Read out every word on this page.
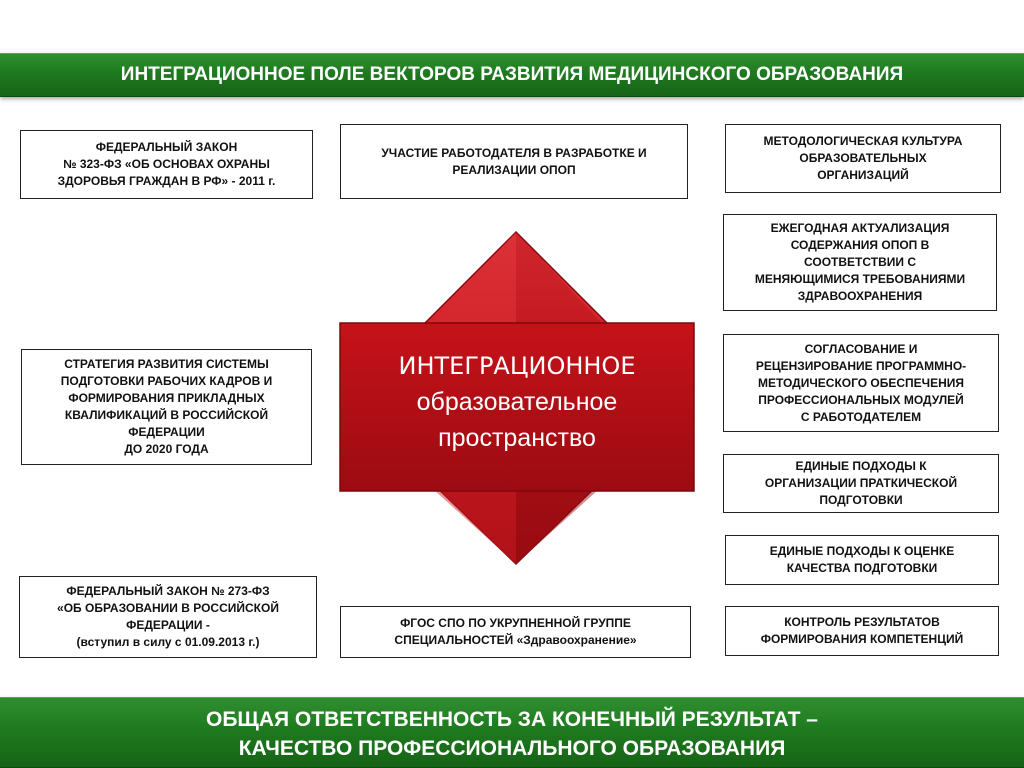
ИНТЕГРАЦИОННОЕ ПОЛЕ ВЕКТОРОВ РАЗВИТИЯ МЕДИЦИНСКОГО ОБРАЗОВАНИЯ
ФЕДЕРАЛЬНЫЙ ЗАКОН
№ 323-ФЗ «ОБ ОСНОВАХ ОХРАНЫ
ЗДОРОВЬЯ ГРАЖДАН В РФ» - 2011 г.
СТРАТЕГИЯ РАЗВИТИЯ СИСТЕМЫ
ПОДГОТОВКИ РАБОЧИХ КАДРОВ И
ФОРМИРОВАНИЯ ПРИКЛАДНЫХ
КВАЛИФИКАЦИЙ В РОССИЙСКОЙ
ФЕДЕРАЦИИ
ДО 2020 ГОДА
ФЕДЕРАЛЬНЫЙ ЗАКОН № 273-ФЗ
«ОБ ОБРАЗОВАНИИ В РОССИЙСКОЙ
ФЕДЕРАЦИИ -
(вступил в силу с 01.09.2013 г.)
УЧАСТИЕ РАБОТОДАТЕЛЯ В РАЗРАБОТКЕ И
РЕАЛИЗАЦИИ ОПОП
ФГОС СПО ПО УКРУПНЕННОЙ ГРУППЕ
СПЕЦИАЛЬНОСТЕЙ «Здравоохранение»
ИНТЕГРАЦИОННОЕ
образовательное
пространство
МЕТОДОЛОГИЧЕСКАЯ КУЛЬТУРА
ОБРАЗОВАТЕЛЬНЫХ
ОРГАНИЗАЦИЙ
ЕЖЕГОДНАЯ АКТУАЛИЗАЦИЯ
СОДЕРЖАНИЯ ОПОП В
СООТВЕТСТВИИ С
МЕНЯЮЩИМИСЯ ТРЕБОВАНИЯМИ
ЗДРАВООХРАНЕНИЯ
СОГЛАСОВАНИЕ И
РЕЦЕНЗИРОВАНИЕ ПРОГРАММНО-
МЕТОДИЧЕСКОГО ОБЕСПЕЧЕНИЯ
ПРОФЕССИОНАЛЬНЫХ МОДУЛЕЙ
С РАБОТОДАТЕЛЕМ
ЕДИНЫЕ ПОДХОДЫ К
ОРГАНИЗАЦИИ ПРАТКИЧЕСКОЙ
ПОДГОТОВКИ
ЕДИНЫЕ ПОДХОДЫ К ОЦЕНКЕ
КАЧЕСТВА ПОДГОТОВКИ
КОНТРОЛЬ РЕЗУЛЬТАТОВ
ФОРМИРОВАНИЯ КОМПЕТЕНЦИЙ
ОБЩАЯ ОТВЕТСТВЕННОСТЬ ЗА КОНЕЧНЫЙ РЕЗУЛЬТАТ –
КАЧЕСТВО ПРОФЕССИОНАЛЬНОГО ОБРАЗОВАНИЯ
